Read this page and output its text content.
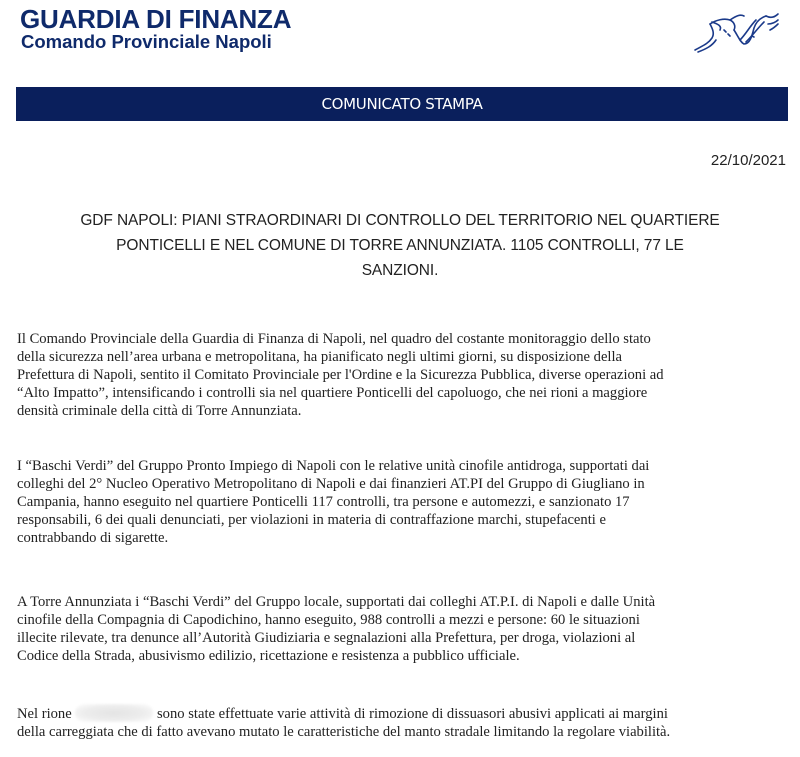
GUARDIA DI FINANZA
Comando Provinciale Napoli
COMUNICATO STAMPA
22/10/2021
GDF NAPOLI: PIANI STRAORDINARI DI CONTROLLO DEL TERRITORIO NEL QUARTIERE
PONTICELLI E NEL COMUNE DI TORRE ANNUNZIATA. 1105 CONTROLLI, 77 LE
SANZIONI.
Il Comando Provinciale della Guardia di Finanza di Napoli, nel quadro del costante monitoraggio dello stato
della sicurezza nell’area urbana e metropolitana, ha pianificato negli ultimi giorni, su disposizione della
Prefettura di Napoli, sentito il Comitato Provinciale per l'Ordine e la Sicurezza Pubblica, diverse operazioni ad
“Alto Impatto”, intensificando i controlli sia nel quartiere Ponticelli del capoluogo, che nei rioni a maggiore
densità criminale della città di Torre Annunziata.
I “Baschi Verdi” del Gruppo Pronto Impiego di Napoli con le relative unità cinofile antidroga, supportati dai
colleghi del 2° Nucleo Operativo Metropolitano di Napoli e dai finanzieri AT.PI del Gruppo di Giugliano in
Campania, hanno eseguito nel quartiere Ponticelli 117 controlli, tra persone e automezzi, e sanzionato 17
responsabili, 6 dei quali denunciati, per violazioni in materia di contraffazione marchi, stupefacenti e
contrabbando di sigarette.
A Torre Annunziata i “Baschi Verdi” del Gruppo locale, supportati dai colleghi AT.P.I. di Napoli e dalle Unità
cinofile della Compagnia di Capodichino, hanno eseguito, 988 controlli a mezzi e persone: 60 le situazioni
illecite rilevate, tra denunce all’Autorità Giudiziaria e segnalazioni alla Prefettura, per droga, violazioni al
Codice della Strada, abusivismo edilizio, ricettazione e resistenza a pubblico ufficiale.
Nel rione	sono state effettuate varie attività di rimozione di dissuasori abusivi applicati ai margini
della carreggiata che di fatto avevano mutato le caratteristiche del manto stradale limitando la regolare viabilità.
